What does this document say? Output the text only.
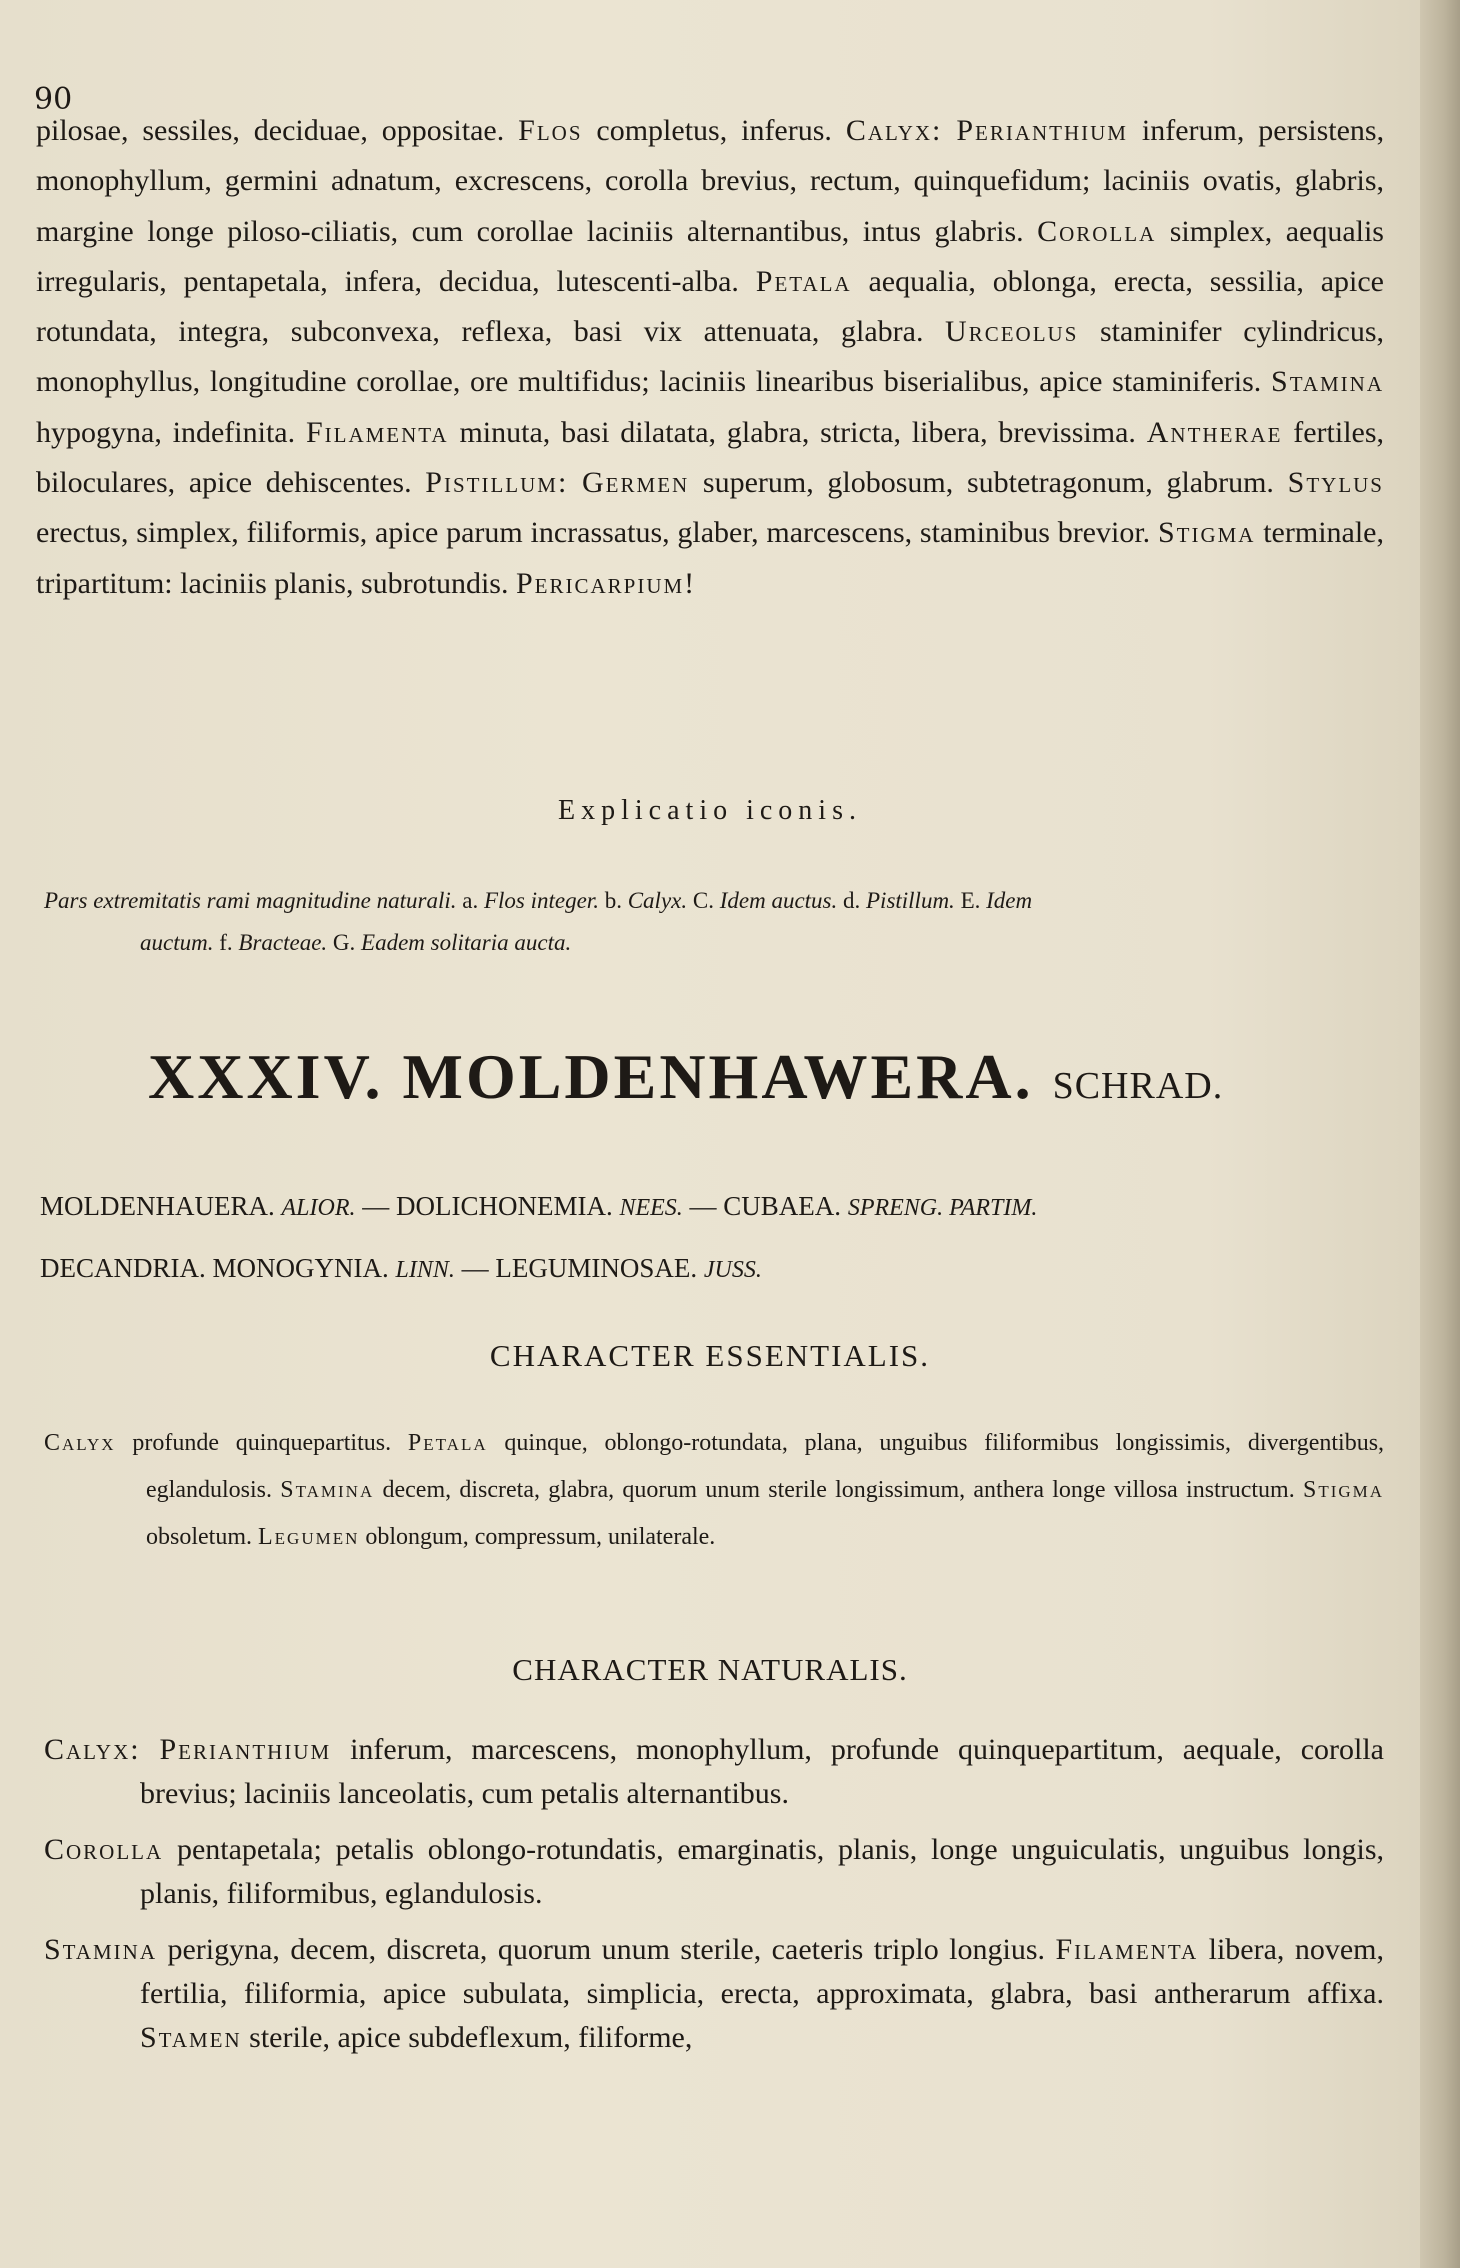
90
pilosae, sessiles, deciduae, oppositae. Flos completus, inferus. Calyx: Perianthium inferum, persistens, monophyllum, germini adnatum, excrescens, corolla brevius, rectum, quinquefidum; laciniis ovatis, glabris, margine longe piloso-ciliatis, cum corollae laciniis alternantibus, intus glabris. Corolla simplex, aequalis irregularis, pentapetala, infera, decidua, lutescenti-alba. Petala aequalia, oblonga, erecta, sessilia, apice rotundata, integra, subconvexa, reflexa, basi vix attenuata, glabra. Urceolus staminifer cylindricus, monophyllus, longitudine corollae, ore multifidus; laciniis linearibus biserialibus, apice staminiferis. Stamina hypogyna, indefinita. Filamenta minuta, basi dilatata, glabra, stricta, libera, brevissima. Antherae fertiles, biloculares, apice dehiscentes. Pistillum: Germen superum, globosum, subtetragonum, glabrum. Stylus erectus, simplex, filiformis, apice parum incrassatus, glaber, marcescens, staminibus brevior. Stigma terminale, tripartitum: laciniis planis, subrotundis. Pericarpium!
Explicatio iconis.
Pars extremitatis rami magnitudine naturali. a. Flos integer. b. Calyx. C. Idem auctus. d. Pistillum. E. Idem
auctum. f. Bracteae. G. Eadem solitaria aucta.
XXXIV. MOLDENHAWERA. SCHRAD.
MOLDENHAUERA. ALIOR. — DOLICHONEMIA. NEES. — CUBAEA. SPRENG. PARTIM.
DECANDRIA. MONOGYNIA. LINN. — LEGUMINOSAE. JUSS.
CHARACTER ESSENTIALIS.

Calyx profunde quinquepartitus. Petala quinque, oblongo-rotundata, plana, unguibus filiformibus longissimis, divergentibus, eglandulosis. Stamina decem, discreta, glabra, quorum unum sterile longissimum, anthera longe villosa instructum. Stigma obsoletum. Legumen oblongum, compressum, unilaterale.

CHARACTER NATURALIS.

Calyx: Perianthium inferum, marcescens, monophyllum, profunde quinquepartitum, aequale, corolla brevius; laciniis lanceolatis, cum petalis alternantibus.

Corolla pentapetala; petalis oblongo-rotundatis, emarginatis, planis, longe unguiculatis, unguibus longis, planis, filiformibus, eglandulosis.

Stamina perigyna, decem, discreta, quorum unum sterile, caeteris triplo longius. Filamenta libera, novem, fertilia, filiformia, apice subulata, simplicia, erecta, approximata, glabra, basi antherarum affixa. Stamen sterile, apice subdeflexum, filiforme,
